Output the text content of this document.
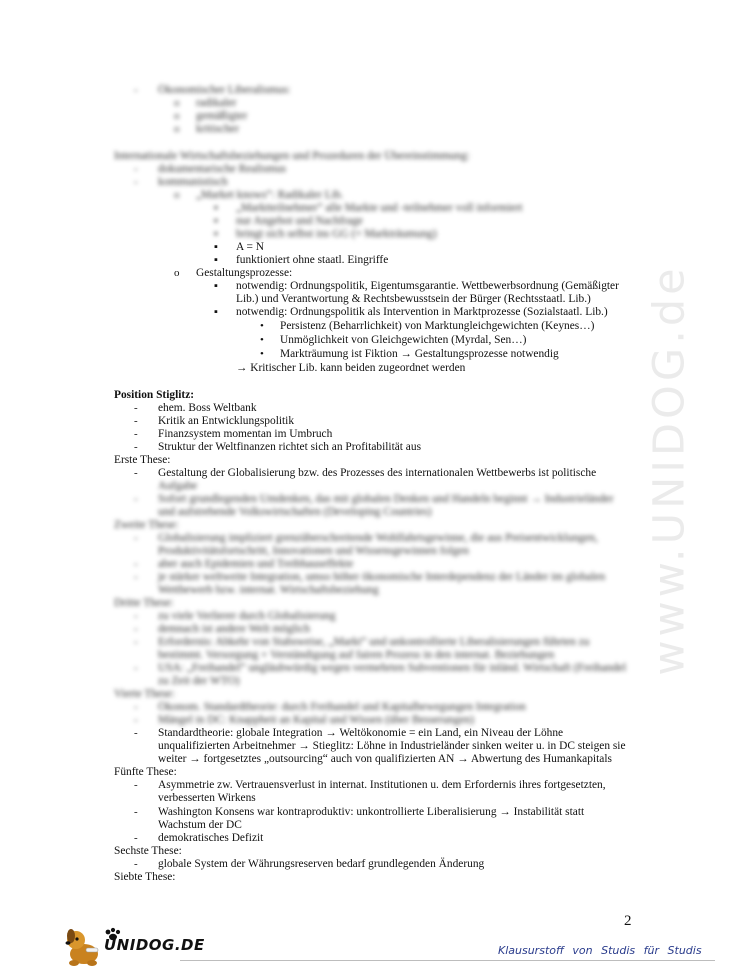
www.UNIDOG.de
Ökonomischer Liberalismus:
-
radikaler
o
gemäßigter
o
kritischer
o
Internationale Wirtschaftsbeziehungen und Prozeduren der Übereinstimmung:
dokumentarische Realismus
-
kommunistisch
-
„Market knows“: Radikaler Lib.
o
„Marktteilnehmer“ alle Markte und -teilnehmer voll informiert
▪
nur Angebot und Nachfrage
▪
bringt sich selbst ins GG (= Markträumung)
▪
A = N
▪
funktioniert ohne staatl. Eingriffe
▪
Gestaltungsprozesse:
o
notwendig: Ordnungspolitik, Eigentumsgarantie. Wettbewerbsordnung (Gemäßigter
▪
Lib.) und Verantwortung & Rechtsbewusstsein der Bürger (Rechtsstaatl. Lib.)
notwendig: Ordnungspolitik als Intervention in Marktprozesse (Sozialstaatl. Lib.)
▪
Persistenz (Beharrlichkeit) von Marktungleichgewichten (Keynes…)
•
Unmöglichkeit von Gleichgewichten (Myrdal, Sen…)
•
Markträumung ist Fiktion → Gestaltungsprozesse notwendig
•
→ Kritischer Lib. kann beiden zugeordnet werden
Position Stiglitz:
ehem. Boss Weltbank
-
Kritik an Entwicklungspolitik
-
Finanzsystem momentan im Umbruch
-
Struktur der Weltfinanzen richtet sich an Profitabilität aus
-
Erste These:
Gestaltung der Globalisierung bzw. des Prozesses des internationalen Wettbewerbs ist politische
-
Aufgabe
Sofort grundlegenden Umdenken, das mit globalen Denken und Handeln beginnt → Industrieländer
-
und aufstrebende Volkswirtschaften (Developing Countries)
Zweite These:
Globalisierung impliziert grenzüberschreitende Wohlfahrtsgewinne, die aus Preisentwicklungen,
-
Produktivitätsfortschritt, Innovationen und Wissensgewinnen folgen
aber auch Epidemien und Treibhauseffekte
-
je stärker weltweite Integration, umso höher ökonomische Interdependenz der Länder im globalen
-
Wettbewerb bzw. internat. Wirtschaftsbeziehung
Dritte These:
zu viele Verlierer durch Globalisierung
-
demnach ist andere Welt möglich
-
Erfordernis: Abkehr von Stabsweise, „Markt“ und unkontrollierte Liberalisierungen führten zu
-
bestimmt. Versorgung + Verständigung auf fairen Prozess in den internat. Beziehungen
USA: „Freihandel“ ungläubwürdig wegen vermehrten Subventionen für inländ. Wirtschaft (Freihandel
-
zu Zeit der WTO)
Vierte These:
Ökonom. Standardtheorie: durch Freihandel und Kapitalbewegungen Integration
-
Mängel in DC: Knappheit an Kapital und Wissen (über Besserungen)
-
Standardtheorie: globale Integration → Weltökonomie = ein Land, ein Niveau der Löhne
-
unqualifizierten Arbeitnehmer → Stieglitz: Löhne in Industrieländer sinken weiter u. in DC steigen sie
weiter → fortgesetztes „outsourcing“ auch von qualifizierten AN → Abwertung des Humankapitals
Fünfte These:
Asymmetrie zw. Vertrauensverlust in internat. Institutionen u. dem Erfordernis ihres fortgesetzten,
-
verbesserten Wirkens
Washington Konsens war kontraproduktiv: unkontrollierte Liberalisierung → Instabilität statt
-
Wachstum der DC
demokratisches Defizit
-
Sechste These:
globale System der Währungsreserven bedarf grundlegenden Änderung
-
Siebte These:
2
UNIDOG.DE	Klausurstoff von Studis für Studis
